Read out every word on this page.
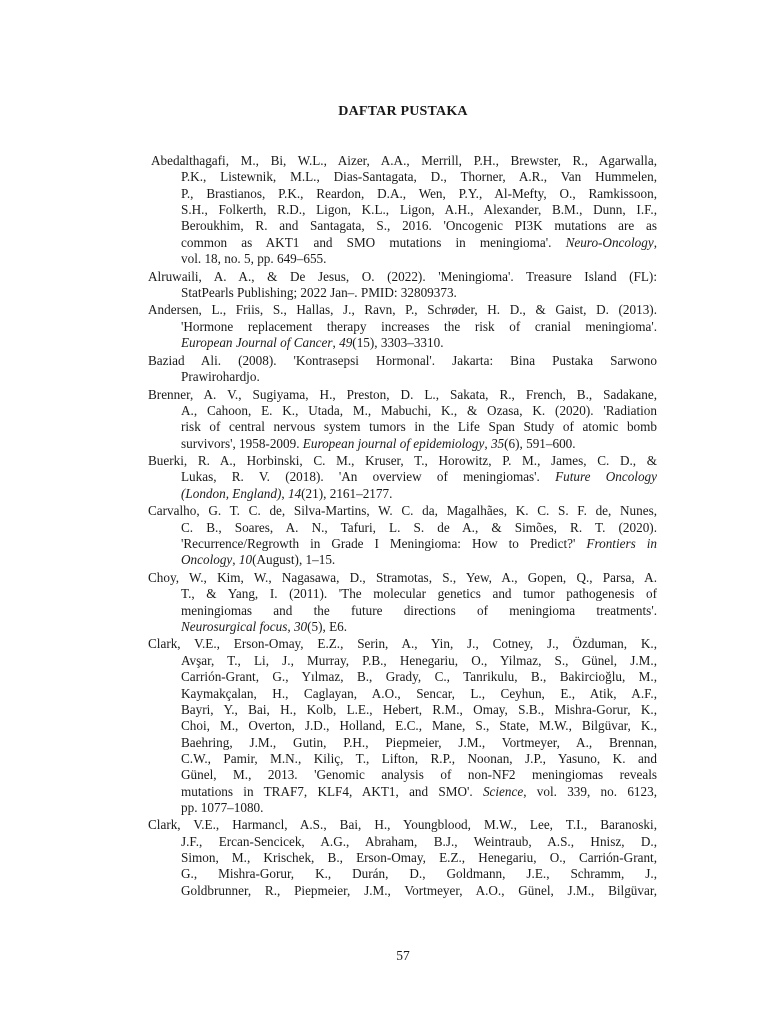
DAFTAR PUSTAKA
Abedalthagafi, M., Bi, W.L., Aizer, A.A., Merrill, P.H., Brewster, R., Agarwalla,
P.K., Listewnik, M.L., Dias-Santagata, D., Thorner, A.R., Van Hummelen,
P., Brastianos, P.K., Reardon, D.A., Wen, P.Y., Al-Mefty, O., Ramkissoon,
S.H., Folkerth, R.D., Ligon, K.L., Ligon, A.H., Alexander, B.M., Dunn, I.F.,
Beroukhim, R. and Santagata, S., 2016. 'Oncogenic PI3K mutations are as
common as AKT1 and SMO mutations in meningioma'. Neuro-Oncology,
vol. 18, no. 5, pp. 649–655.
Alruwaili, A. A., & De Jesus, O. (2022). 'Meningioma'. Treasure Island (FL):
StatPearls Publishing; 2022 Jan–. PMID: 32809373.
Andersen, L., Friis, S., Hallas, J., Ravn, P., Schrøder, H. D., & Gaist, D. (2013).
'Hormone replacement therapy increases the risk of cranial meningioma'.
European Journal of Cancer, 49(15), 3303–3310.
Baziad Ali. (2008). 'Kontrasepsi Hormonal'. Jakarta: Bina Pustaka Sarwono
Prawirohardjo.
Brenner, A. V., Sugiyama, H., Preston, D. L., Sakata, R., French, B., Sadakane,
A., Cahoon, E. K., Utada, M., Mabuchi, K., & Ozasa, K. (2020). 'Radiation
risk of central nervous system tumors in the Life Span Study of atomic bomb
survivors', 1958-2009. European journal of epidemiology, 35(6), 591–600.
Buerki, R. A., Horbinski, C. M., Kruser, T., Horowitz, P. M., James, C. D., &
Lukas, R. V. (2018). 'An overview of meningiomas'. Future Oncology
(London, England), 14(21), 2161–2177.
Carvalho, G. T. C. de, Silva-Martins, W. C. da, Magalhães, K. C. S. F. de, Nunes,
C. B., Soares, A. N., Tafuri, L. S. de A., & Simões, R. T. (2020).
'Recurrence/Regrowth in Grade I Meningioma: How to Predict?' Frontiers in
Oncology, 10(August), 1–15.
Choy, W., Kim, W., Nagasawa, D., Stramotas, S., Yew, A., Gopen, Q., Parsa, A.
T., & Yang, I. (2011). 'The molecular genetics and tumor pathogenesis of
meningiomas and the future directions of meningioma treatments'.
Neurosurgical focus, 30(5), E6.
Clark, V.E., Erson-Omay, E.Z., Serin, A., Yin, J., Cotney, J., Özduman, K.,
Avşar, T., Li, J., Murray, P.B., Henegariu, O., Yilmaz, S., Günel, J.M.,
Carrión-Grant, G., Yılmaz, B., Grady, C., Tanrikulu, B., Bakircioğlu, M.,
Kaymakçalan, H., Caglayan, A.O., Sencar, L., Ceyhun, E., Atik, A.F.,
Bayri, Y., Bai, H., Kolb, L.E., Hebert, R.M., Omay, S.B., Mishra-Gorur, K.,
Choi, M., Overton, J.D., Holland, E.C., Mane, S., State, M.W., Bilgüvar, K.,
Baehring, J.M., Gutin, P.H., Piepmeier, J.M., Vortmeyer, A., Brennan,
C.W., Pamir, M.N., Kiliç, T., Lifton, R.P., Noonan, J.P., Yasuno, K. and
Günel, M., 2013. 'Genomic analysis of non-NF2 meningiomas reveals
mutations in TRAF7, KLF4, AKT1, and SMO'. Science, vol. 339, no. 6123,
pp. 1077–1080.
Clark, V.E., Harmancl, A.S., Bai, H., Youngblood, M.W., Lee, T.I., Baranoski,
J.F., Ercan-Sencicek, A.G., Abraham, B.J., Weintraub, A.S., Hnisz, D.,
Simon, M., Krischek, B., Erson-Omay, E.Z., Henegariu, O., Carrión-Grant,
G., Mishra-Gorur, K., Durán, D., Goldmann, J.E., Schramm, J.,
Goldbrunner, R., Piepmeier, J.M., Vortmeyer, A.O., Günel, J.M., Bilgüvar,
57
